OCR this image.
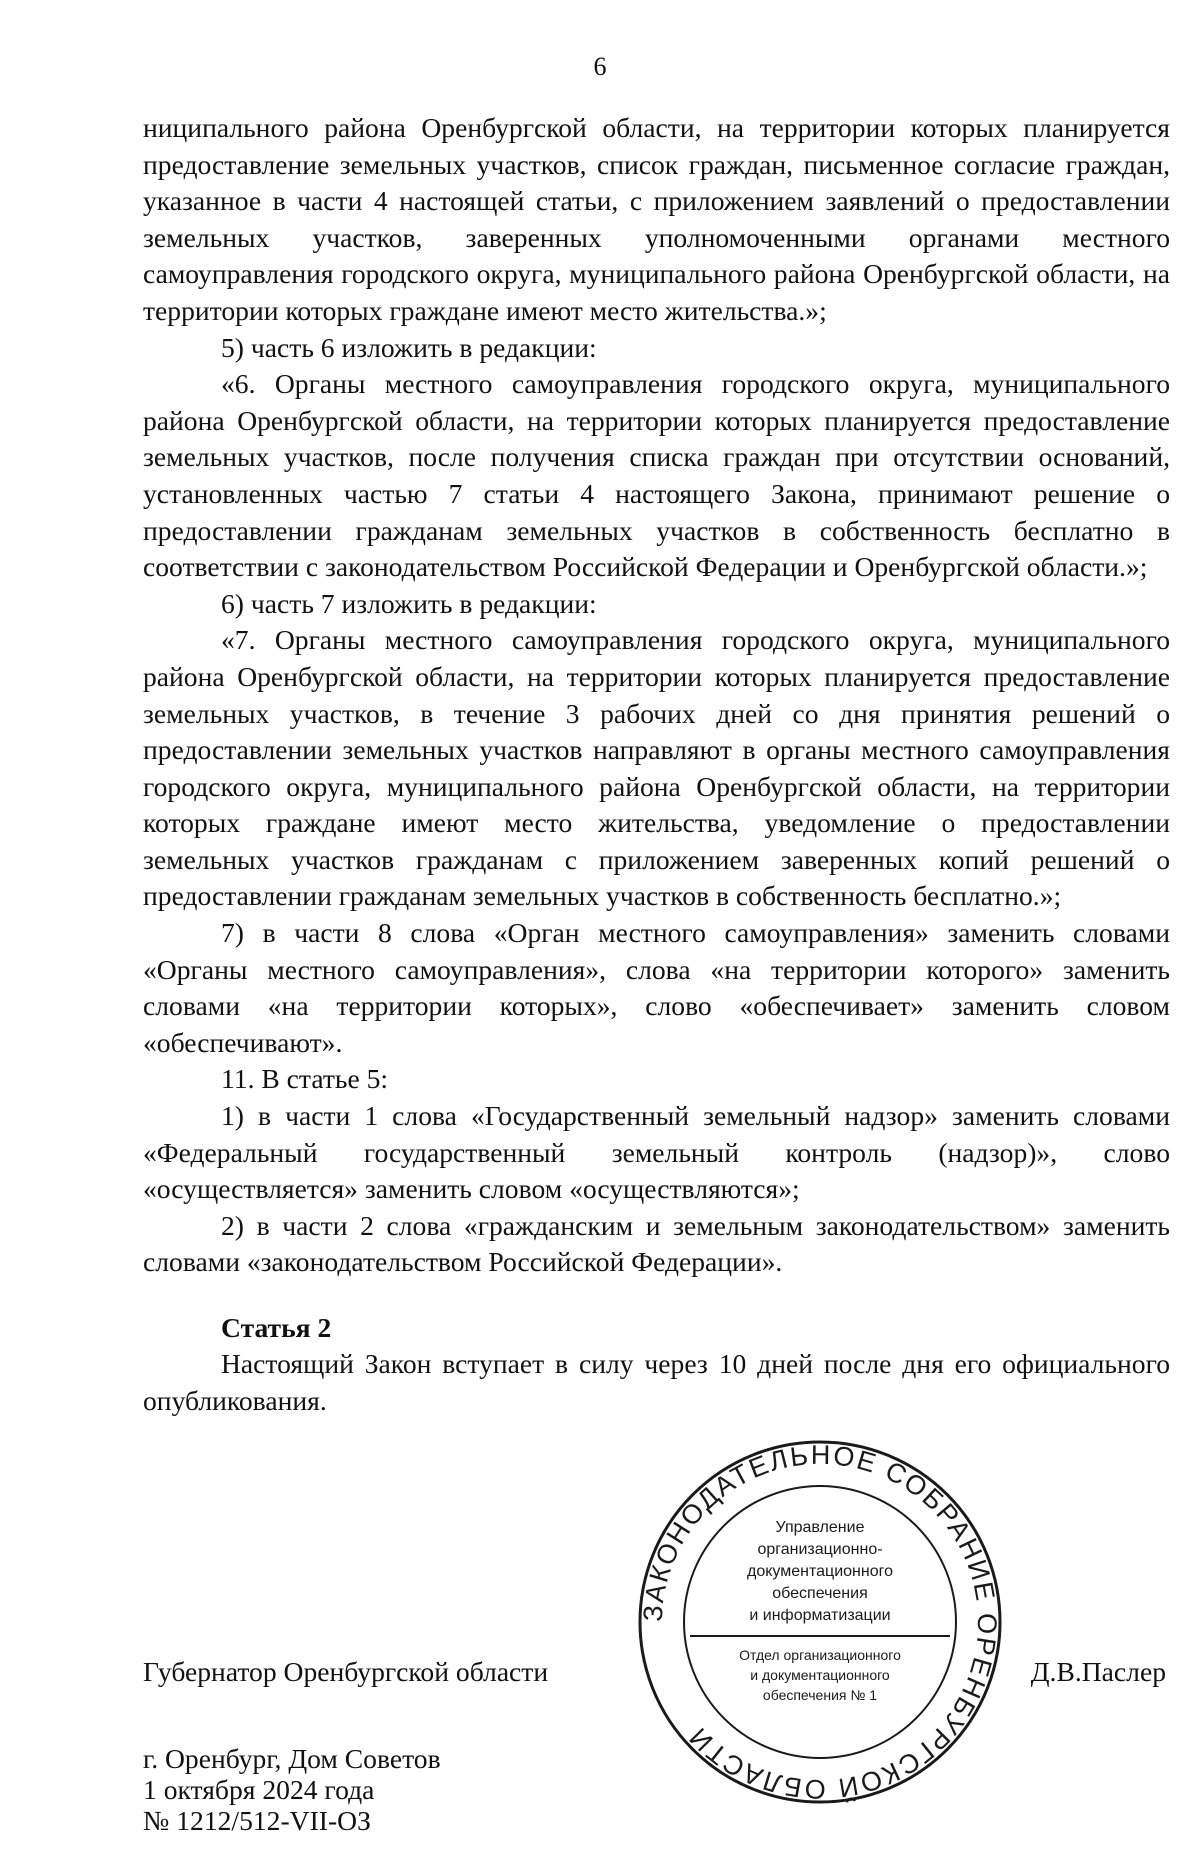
6

ниципального района Оренбургской области, на территории которых планируется предоставление земельных участков, список граждан, письменное согласие граждан, указанное в части 4 настоящей статьи, с приложением заявлений о предоставлении земельных участков, заверенных уполномоченными органами местного самоуправления городского округа, муниципального района Оренбургской области, на территории которых граждане имеют место жительства.»;

5) часть 6 изложить в редакции:

«6. Органы местного самоуправления городского округа, муниципального района Оренбургской области, на территории которых планируется предоставление земельных участков, после получения списка граждан при отсутствии оснований, установленных частью 7 статьи 4 настоящего Закона, принимают решение о предоставлении гражданам земельных участков в собственность бесплатно в соответствии с законодательством Российской Федерации и Оренбургской области.»;

6) часть 7 изложить в редакции:

«7. Органы местного самоуправления городского округа, муниципального района Оренбургской области, на территории которых планируется предоставление земельных участков, в течение 3 рабочих дней со дня принятия решений о предоставлении земельных участков направляют в органы местного самоуправления городского округа, муниципального района Оренбургской области, на территории которых граждане имеют место жительства, уведомление о предоставлении земельных участков гражданам с приложением заверенных копий решений о предоставлении гражданам земельных участков в собственность бесплатно.»;

7) в части 8 слова «Орган местного самоуправления» заменить словами «Органы местного самоуправления», слова «на территории которого» заменить словами «на территории которых», слово «обеспечивает» заменить словом «обеспечивают».

11. В статье 5:

1) в части 1 слова «Государственный земельный надзор» заменить словами «Федеральный государственный земельный контроль (надзор)», слово «осуществляется» заменить словом «осуществляются»;

2) в части 2 слова «гражданским и земельным законодательством» заменить словами «законодательством Российской Федерации».

Статья 2

Настоящий Закон вступает в силу через 10 дней после дня его официального опубликования.

ЗАКОНОДАТЕЛЬНОЕ СОБРАНИЕ ОРЕНБУРГСКОЙ ОБЛАСТИ
Управление
организационно-
документационного
обеспечения
и информатизации
Отдел организационного
и документационного
обеспечения № 1

Губернатор Оренбургской области	Д.В.Паслер

г. Оренбург, Дом Советов
1 октября 2024 года
№ 1212/512-VII-ОЗ
